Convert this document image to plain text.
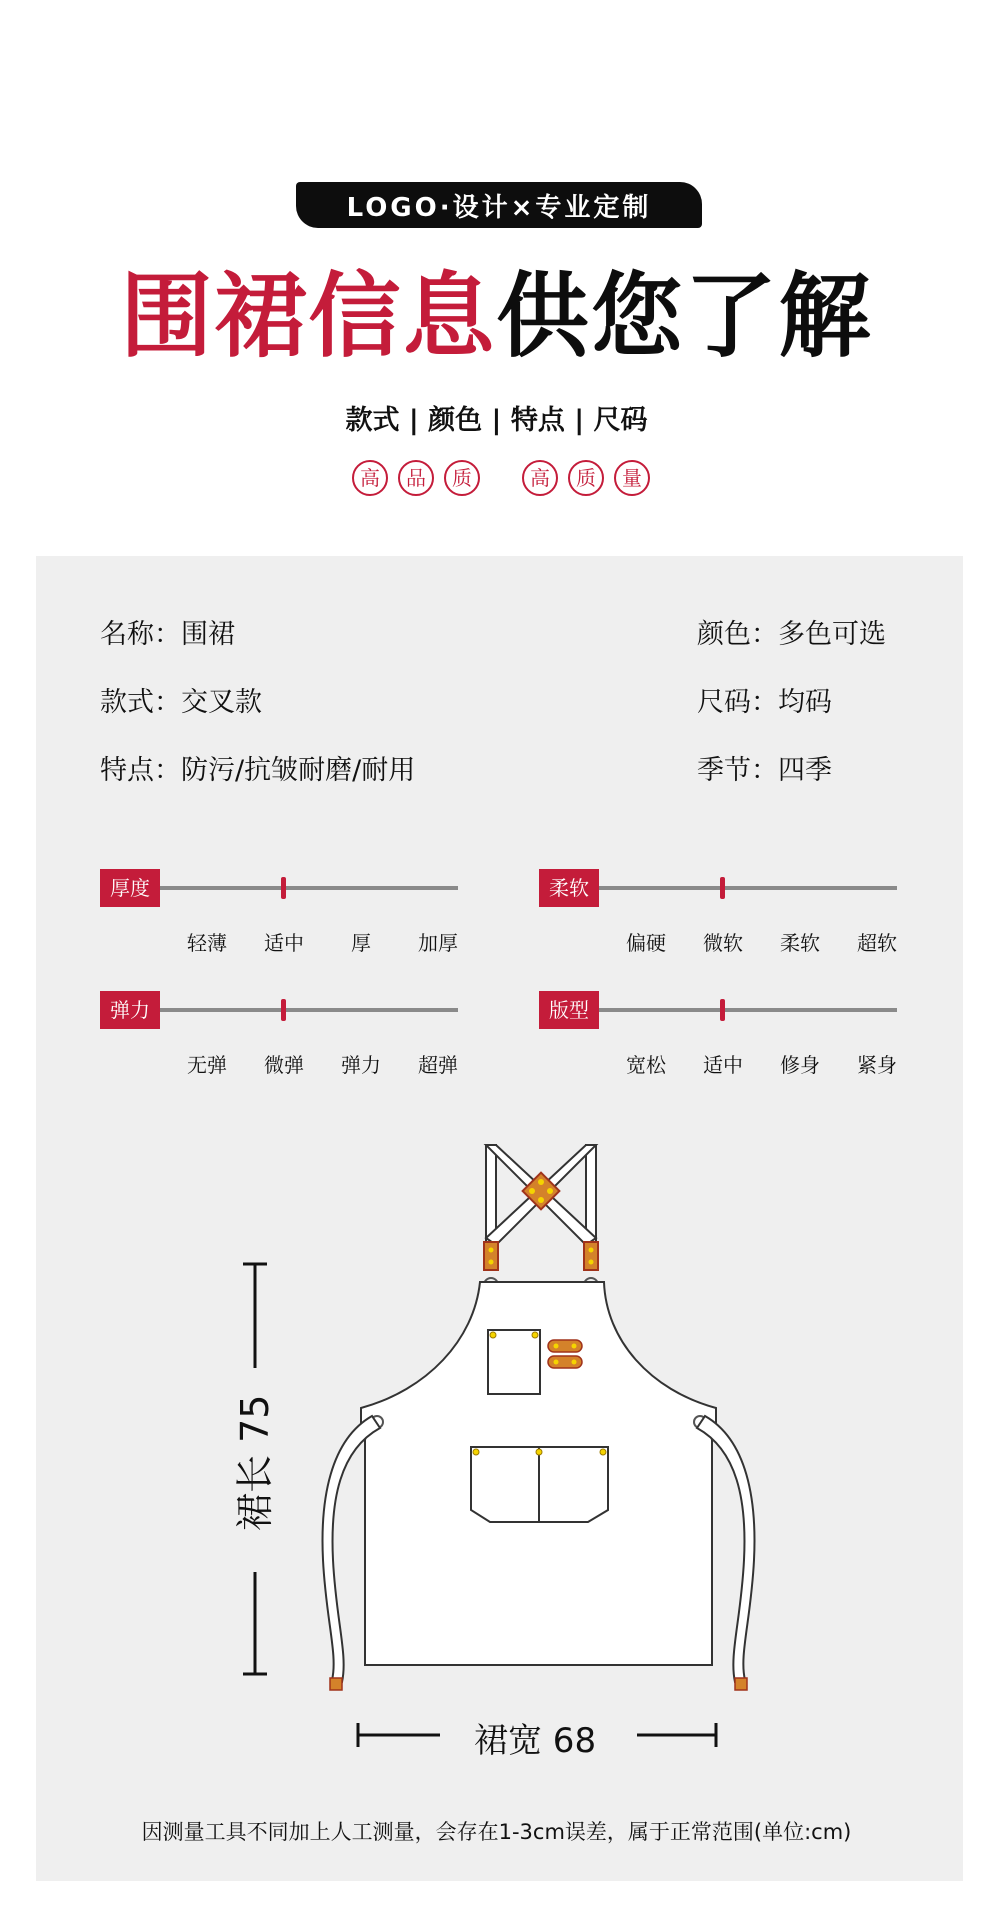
LOGO·设计×专业定制
围裙信息供您了解
款式 | 颜色 | 特点 | 尺码
高	品	质	高	质	量
名称：围裙
款式：交叉款
特点：防污/抗皱耐磨/耐用
颜色：多色可选
尺码：均码
季节：四季
厚度
轻薄	适中	厚	加厚
柔软
偏硬	微软	柔软	超软
弹力
无弹	微弹	弹力	超弹
版型
宽松	适中	修身	紧身
裙长 75
裙宽 68
因测量工具不同加上人工测量，会存在1-3cm误差，属于正常范围(单位:cm)
